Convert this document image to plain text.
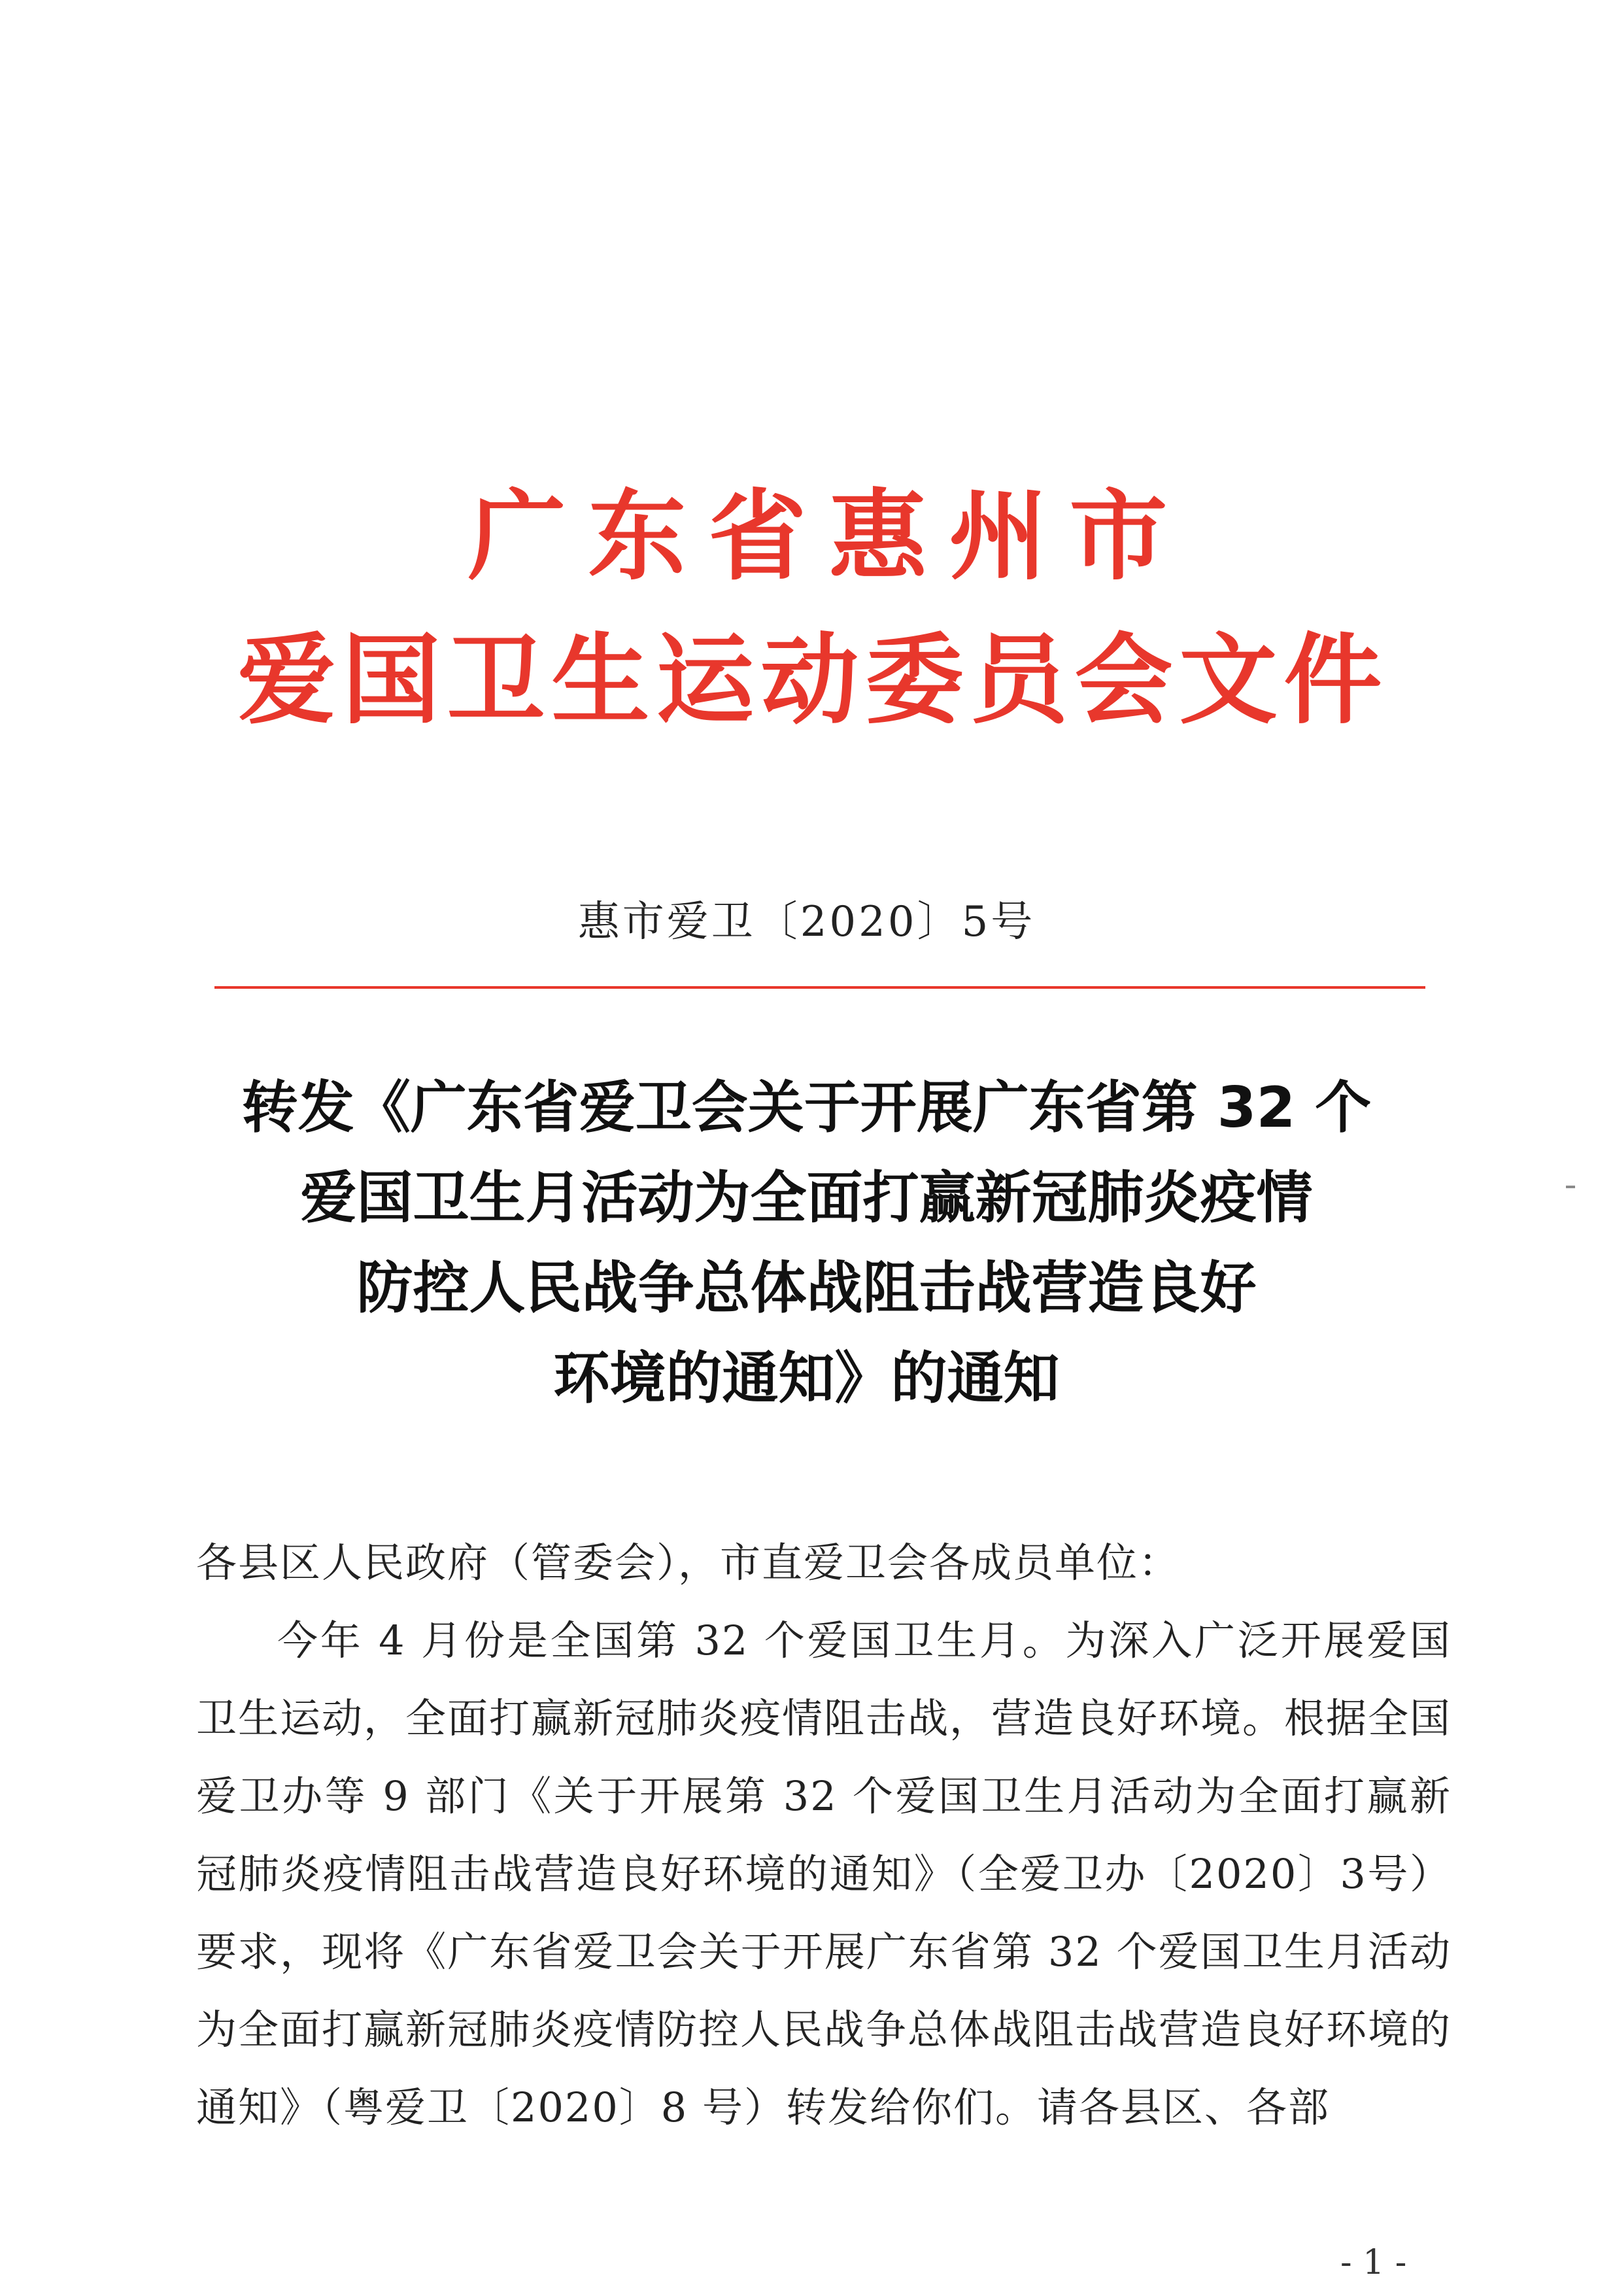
广东省惠州市
爱国卫生运动委员会文件
惠市爱卫〔2020〕5号
转发《广东省爱卫会关于开展广东省第 32 个
爱国卫生月活动为全面打赢新冠肺炎疫情
防控人民战争总体战阻击战营造良好
环境的通知》的通知
各县区人民政府（管委会），市直爱卫会各成员单位：
今年 4 月份是全国第 32 个爱国卫生月。为深入广泛开展爱国卫生运动，全面打赢新冠肺炎疫情阻击战，营造良好环境。根据全国爱卫办等 9 部门《关于开展第 32 个爱国卫生月活动为全面打赢新冠肺炎疫情阻击战营造良好环境的通知》（全爱卫办〔2020〕3号）要求，现将《广东省爱卫会关于开展广东省第 32 个爱国卫生月活动为全面打赢新冠肺炎疫情防控人民战争总体战阻击战营造良好环境的通知》（粤爱卫〔2020〕8 号）转发给你们。请各县区、各部
- 1 -
